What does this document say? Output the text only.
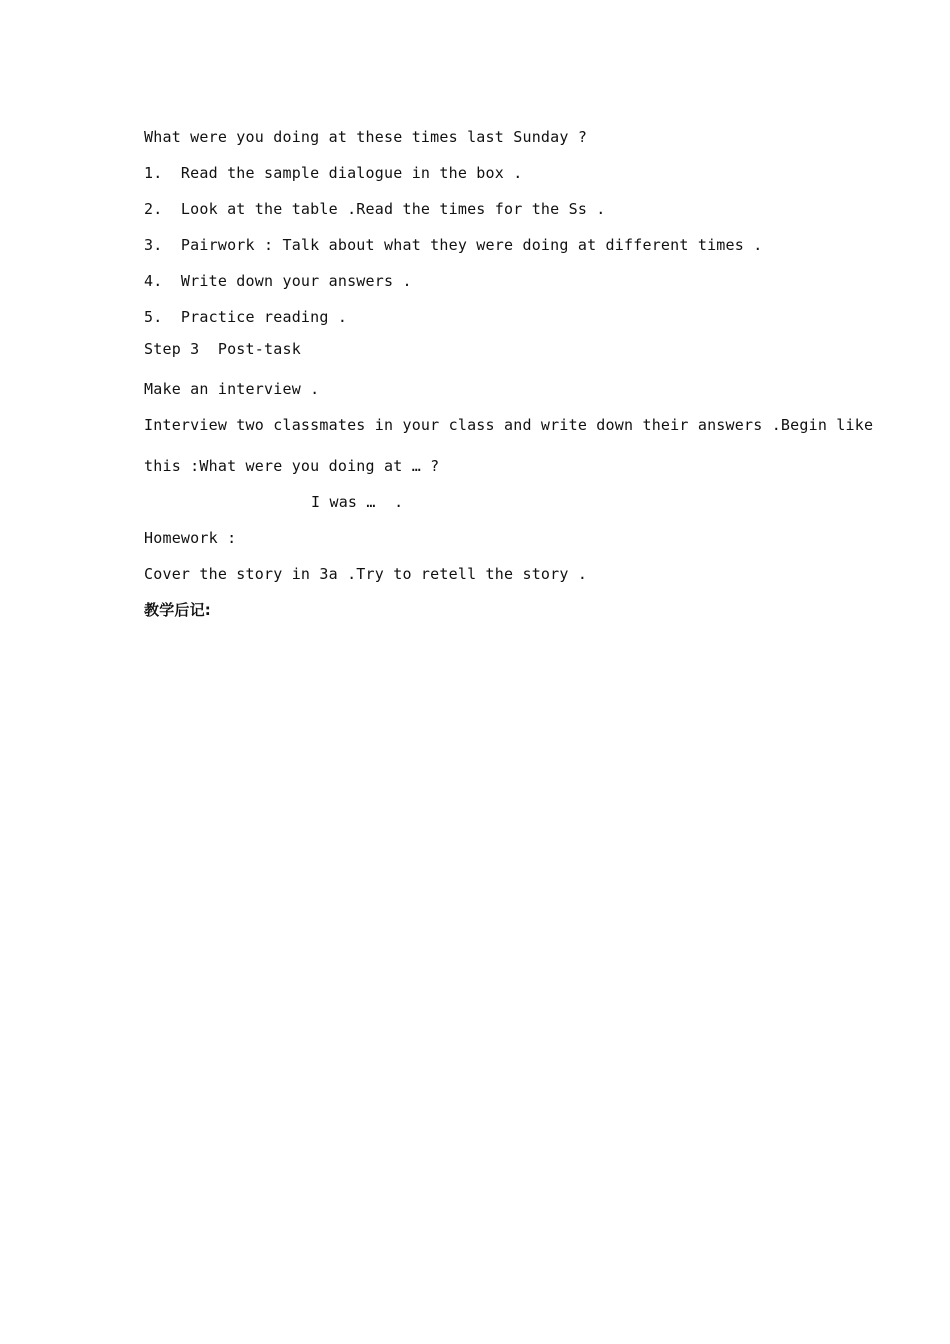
What were you doing at these times last Sunday ?
1.  Read the sample dialogue in the box .
2.  Look at the table .Read the times for the Ss .
3.  Pairwork : Talk about what they were doing at different times .
4.  Write down your answers .
5.  Practice reading .
Step 3  Post-task
Make an interview .
Interview two classmates in your class and write down their answers .Begin like
this :What were you doing at … ?
I was …  .
Homework :
Cover the story in 3a .Try to retell the story .
教学后记:
